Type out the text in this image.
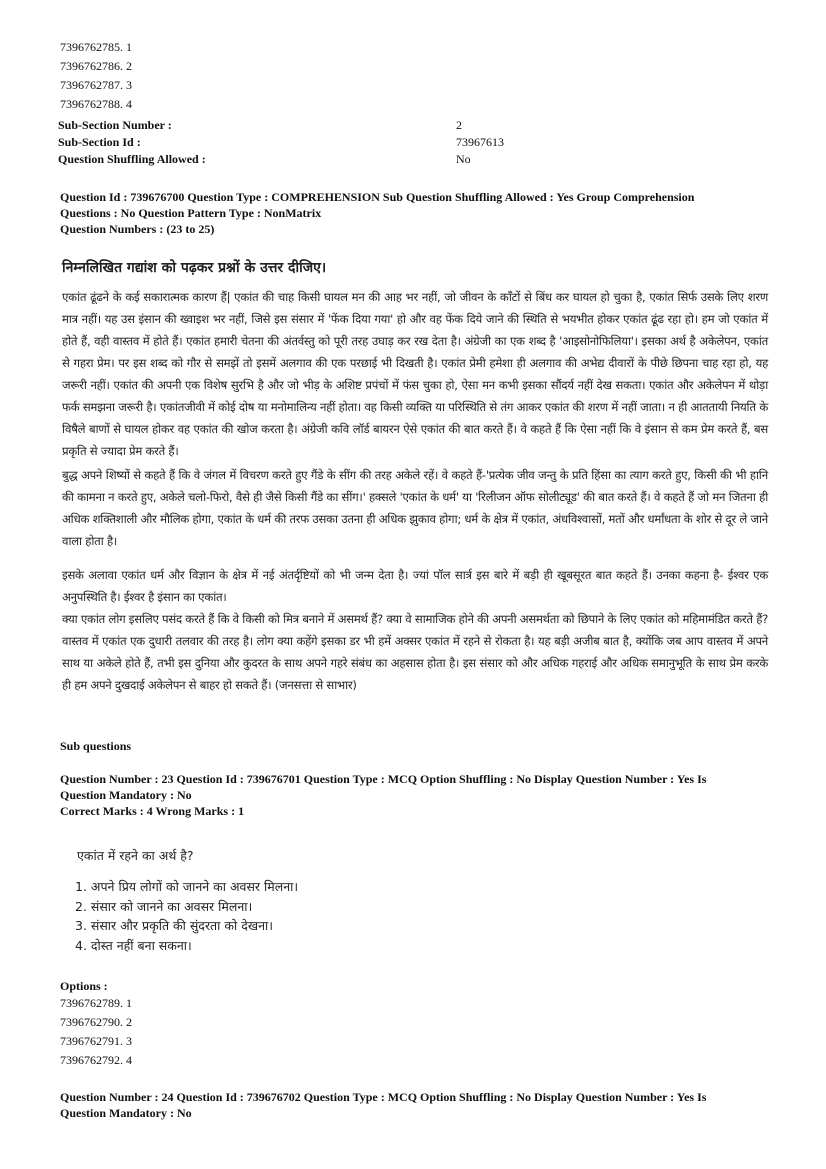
7396762785. 1
7396762786. 2
7396762787. 3
7396762788. 4
Sub-Section Number :	2
Sub-Section Id :	73967613
Question Shuffling Allowed :	No
Question Id : 739676700 Question Type : COMPREHENSION Sub Question Shuffling Allowed : Yes Group Comprehension
Questions : No Question Pattern Type : NonMatrix
Question Numbers : (23 to 25)
निम्नलिखित गद्यांश को पढ़कर प्रश्नों के उत्तर दीजिए।
एकांत ढूंढने के कई सकारात्मक कारण हैं| एकांत की चाह किसी घायल मन की आह भर नहीं, जो जीवन के काँटों से बिंध कर घायल हो चुका है, एकांत सिर्फ उसके लिए शरण मात्र नहीं। यह उस इंसान की ख्वाइश भर नहीं, जिसे इस संसार में 'फेंक दिया गया' हो और वह फेंक दिये जाने की स्थिति से भयभीत होकर एकांत ढूंढ रहा हो। हम जो एकांत में होते हैं, वही वास्तव में होते हैं। एकांत हमारी चेतना की अंतर्वस्तु को पूरी तरह उघाड़ कर रख देता है। अंग्रेजी का एक शब्द है 'आइसोनोफिलिया'। इसका अर्थ है अकेलेपन, एकांत से गहरा प्रेम। पर इस शब्द को गौर से समझें तो इसमें अलगाव की एक परछाई भी दिखती है। एकांत प्रेमी हमेशा ही अलगाव की अभेद्य दीवारों के पीछे छिपना चाह रहा हो, यह जरूरी नहीं। एकांत की अपनी एक विशेष सुरभि है और जो भीड़ के अशिष्ट प्रपंचों में फंस चुका हो, ऐसा मन कभी इसका सौंदर्य नहीं देख सकता। एकांत और अकेलेपन में थोड़ा फर्क समझना जरूरी है। एकांतजीवी में कोई दोष या मनोमालिन्य नहीं होता। वह किसी व्यक्ति या परिस्थिति से तंग आकर एकांत की शरण में नहीं जाता। न ही आततायी नियति के विषैले बाणों से घायल होकर वह एकांत की खोज करता है। अंग्रेजी कवि लॉर्ड बायरन ऐसे एकांत की बात करते हैं। वे कहते हैं कि ऐसा नहीं कि वे इंसान से कम प्रेम करते हैं, बस प्रकृति से ज्यादा प्रेम करते हैं।
बुद्ध अपने शिष्यों से कहते हैं कि वे जंगल में विचरण करते हुए गैंडे के सींग की तरह अकेले रहें। वे कहते हैं-'प्रत्येक जीव जन्तु के प्रति हिंसा का त्याग करते हुए, किसी की भी हानि की कामना न करते हुए, अकेले चलो-फिरो, वैसे ही जैसे किसी गैंडे का सींग।' हक्सले 'एकांत के धर्म' या 'रिलीजन ऑफ सोलीट्यूड' की बात करते हैं। वे कहते हैं जो मन जितना ही अधिक शक्तिशाली और मौलिक होगा, एकांत के धर्म की तरफ उसका उतना ही अधिक झुकाव होगा; धर्म के क्षेत्र में एकांत, अंधविश्वासों, मतों और धर्मांधता के शोर से दूर ले जाने वाला होता है।
इसके अलावा एकांत धर्म और विज्ञान के क्षेत्र में नई अंतर्दृष्टियों को भी जन्म देता है। ज्यां पॉल सार्त्र इस बारे में बड़ी ही खूबसूरत बात कहते हैं। उनका कहना है- ईश्वर एक अनुपस्थिति है। ईश्वर है इंसान का एकांत।
क्या एकांत लोग इसलिए पसंद करते हैं कि वे किसी को मित्र बनाने में असमर्थ हैं? क्या वे सामाजिक होने की अपनी असमर्थता को छिपाने के लिए एकांत को महिमामंडित करते हैं? वास्तव में एकांत एक दुधारी तलवार की तरह है। लोग क्या कहेंगे इसका डर भी हमें अक्सर एकांत में रहने से रोकता है। यह बड़ी अजीब बात है, क्योंकि जब आप वास्तव में अपने साथ या अकेले होते हैं, तभी इस दुनिया और कुदरत के साथ अपने गहरे संबंध का अहसास होता है। इस संसार को और अधिक गहराई और अधिक समानुभूति के साथ प्रेम करके ही हम अपने दुखदाई अकेलेपन से बाहर हो सकते हैं। (जनसत्ता से साभार)
Sub questions
Question Number : 23 Question Id : 739676701 Question Type : MCQ Option Shuffling : No Display Question Number : Yes Is
Question Mandatory : No
Correct Marks : 4 Wrong Marks : 1
एकांत में रहने का अर्थ है?
1. अपने प्रिय लोगों को जानने का अवसर मिलना।
2. संसार को जानने का अवसर मिलना।
3. संसार और प्रकृति की सुंदरता को देखना।
4. दोस्त नहीं बना सकना।
Options :
7396762789. 1
7396762790. 2
7396762791. 3
7396762792. 4
Question Number : 24 Question Id : 739676702 Question Type : MCQ Option Shuffling : No Display Question Number : Yes Is
Question Mandatory : No
